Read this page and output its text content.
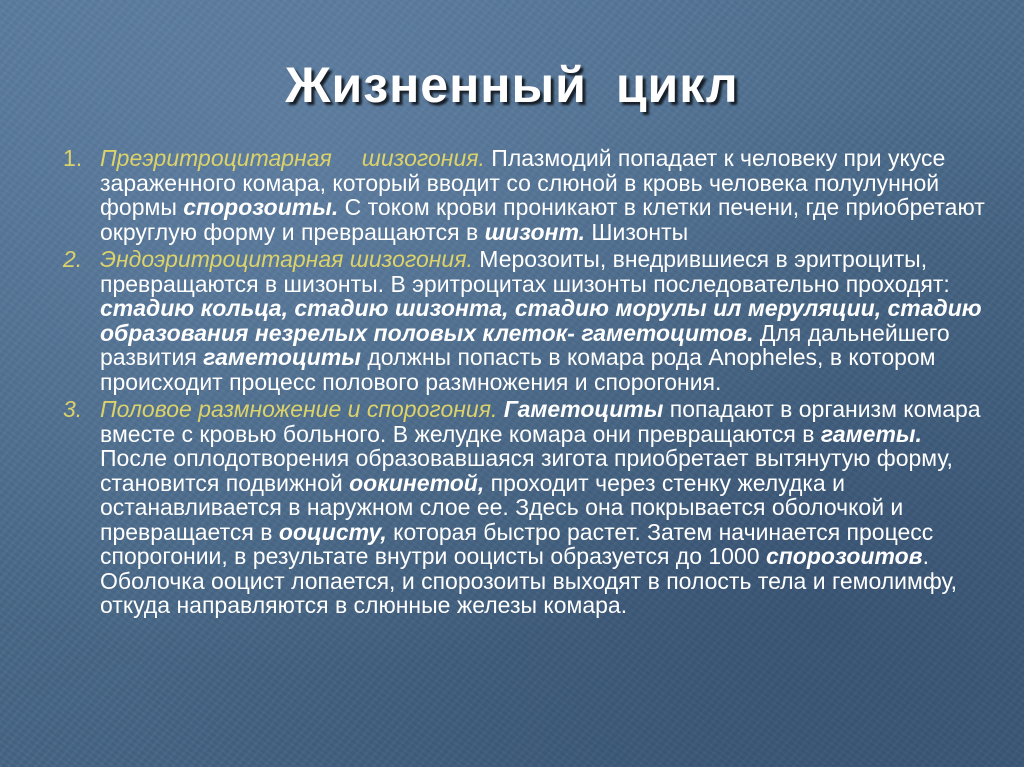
Жизненный цикл
1. Преэритроцитарная шизогония. Плазмодий попадает к человеку при укусе зараженного комара, который вводит со слюной в кровь человека полулунной формы спорозоиты. С током крови проникают в клетки печени, где приобретают округлую форму и превращаются в шизонт. Шизонты
2. Эндоэритроцитарная шизогония. Мерозоиты, внедрившиеся в эритроциты, превращаются в шизонты. В эритроцитах шизонты последовательно проходят: стадию кольца, стадию шизонта, стадию морулы ил меруляции, стадию образования незрелых половых клеток- гаметоцитов. Для дальнейшего развития гаметоциты должны попасть в комара рода Anopheles, в котором происходит процесс полового размножения и спорогония.
3. Половое размножение и спорогония. Гаметоциты попадают в организм комара вместе с кровью больного. В желудке комара они превращаются в гаметы. После оплодотворения образовавшаяся зигота приобретает вытянутую форму, становится подвижной оокинетой, проходит через стенку желудка и останавливается в наружном слое ее. Здесь она покрывается оболочкой и превращается в ооцисту, которая быстро растет. Затем начинается процесс спорогонии, в результате внутри ооцисты образуется до 1000 спорозоитов. Оболочка ооцист лопается, и спорозоиты выходят в полость тела и гемолимфу, откуда направляются в слюнные железы комара.
